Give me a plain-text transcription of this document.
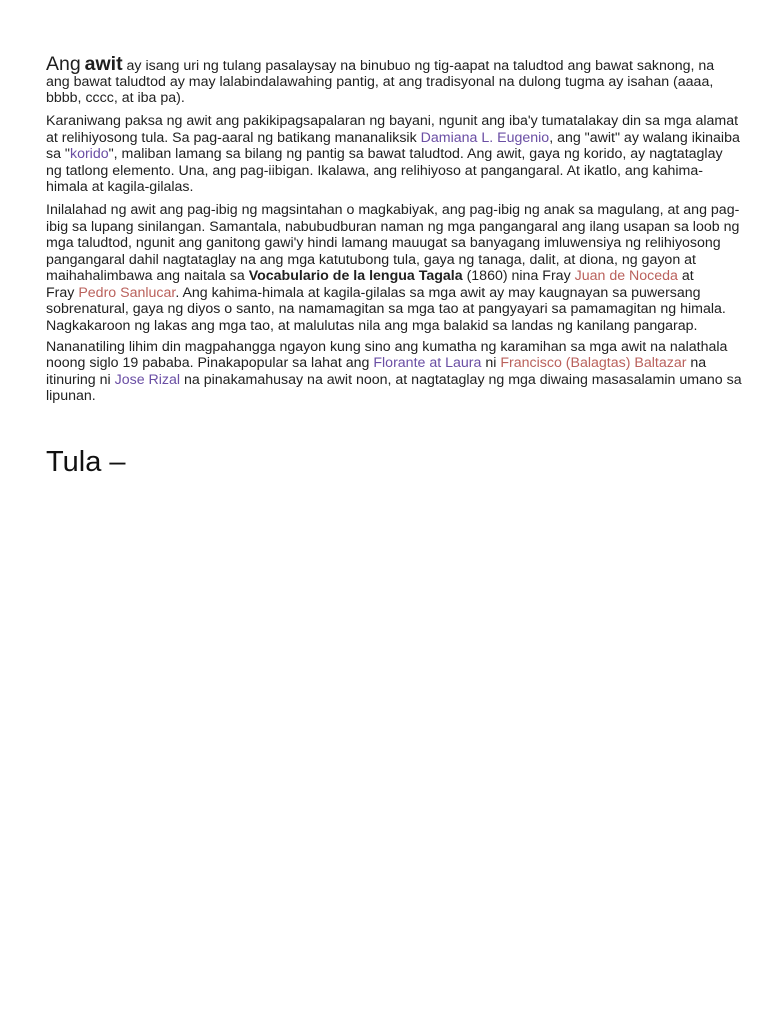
Ang awit ay isang uri ng tulang pasalaysay na binubuo ng tig-aapat na taludtod ang bawat saknong, na
ang bawat taludtod ay may lalabindalawahing pantig, at ang tradisyonal na dulong tugma ay isahan (aaaa,
bbbb, cccc, at iba pa).
Karaniwang paksa ng awit ang pakikipagsapalaran ng bayani, ngunit ang iba'y tumatalakay din sa mga alamat
at relihiyosong tula. Sa pag-aaral ng batikang mananaliksik Damiana L. Eugenio, ang "awit" ay walang ikinaiba
sa "korido", maliban lamang sa bilang ng pantig sa bawat taludtod. Ang awit, gaya ng korido, ay nagtataglay
ng tatlong elemento. Una, ang pag-iibigan. Ikalawa, ang relihiyoso at pangangaral. At ikatlo, ang kahima-
himala at kagila-gilalas.
Inilalahad ng awit ang pag-ibig ng magsintahan o magkabiyak, ang pag-ibig ng anak sa magulang, at ang pag-
ibig sa lupang sinilangan. Samantala, nabubudburan naman ng mga pangangaral ang ilang usapan sa loob ng
mga taludtod, ngunit ang ganitong gawi'y hindi lamang mauugat sa banyagang imluwensiya ng relihiyosong
pangangaral dahil nagtataglay na ang mga katutubong tula, gaya ng tanaga, dalit, at diona, ng gayon at
maihahalimbawa ang naitala sa Vocabulario de la lengua Tagala (1860) nina Fray Juan de Noceda at
Fray Pedro Sanlucar. Ang kahima-himala at kagila-gilalas sa mga awit ay may kaugnayan sa puwersang
sobrenatural, gaya ng diyos o santo, na namamagitan sa mga tao at pangyayari sa pamamagitan ng himala.
Nagkakaroon ng lakas ang mga tao, at malulutas nila ang mga balakid sa landas ng kanilang pangarap.
Nananatiling lihim din magpahangga ngayon kung sino ang kumatha ng karamihan sa mga awit na nalathala
noong siglo 19 pababa. Pinakapopular sa lahat ang Florante at Laura ni Francisco (Balagtas) Baltazar na
itinuring ni Jose Rizal na pinakamahusay na awit noon, at nagtataglay ng mga diwaing masasalamin umano sa
lipunan.
Tula –
